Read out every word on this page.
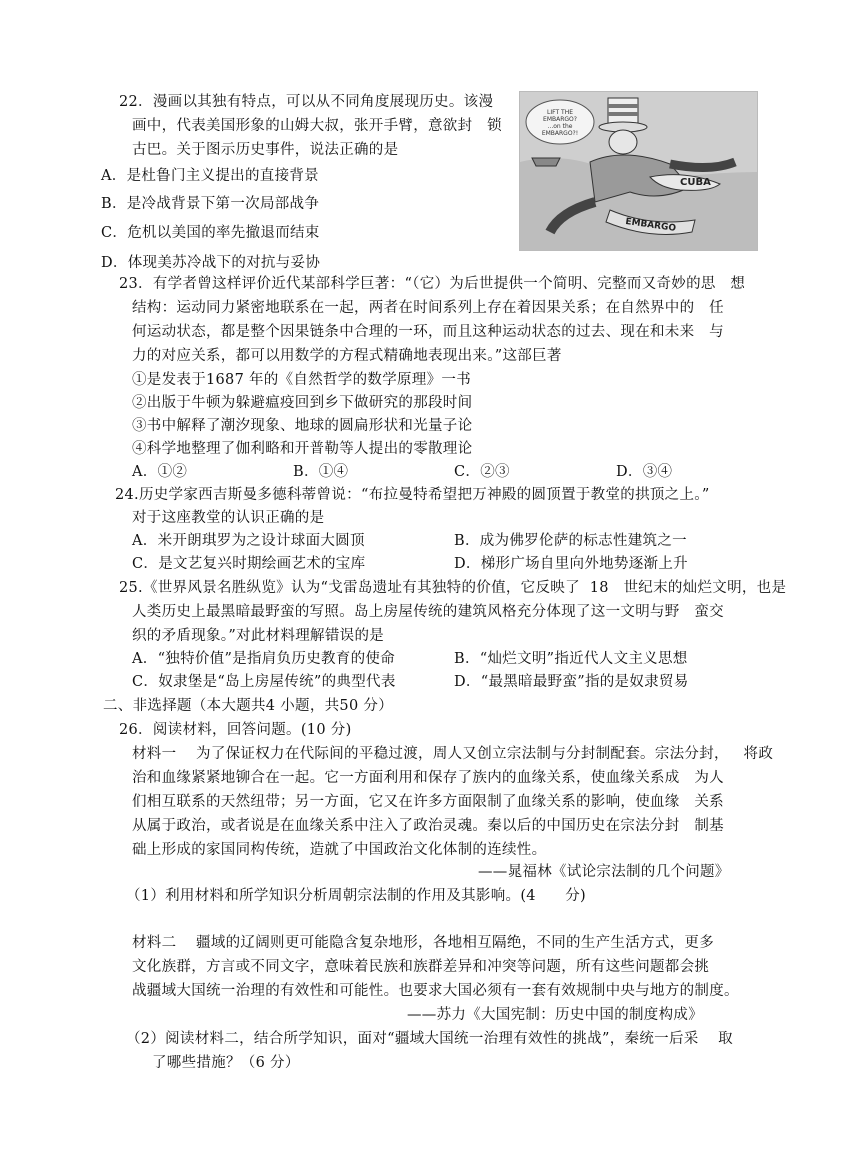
22．漫画以其独有特点，可以从不同角度展现历史。该漫
画中，代表美国形象的山姆大叔，张开手臂，意欲封   锁
古巴。关于图示历史事件，说法正确的是
A．是杜鲁门主义提出的直接背景
B．是冷战背景下第一次局部战争
C．危机以美国的率先撤退而结束
D．体现美苏冷战下的对抗与妥协
LIFT THE
EMBARGO?
...on the
EMBARGO?!
CUBA
EMBARGO
23．有学者曾这样评价近代某部科学巨著：“（它）为后世提供一个简明、完整而又奇妙的思   想
结构：运动同力紧密地联系在一起，两者在时间系列上存在着因果关系；在自然界中的   任
何运动状态，都是整个因果链条中合理的一环，而且这种运动状态的过去、现在和未来   与
力的对应关系，都可以用数学的方程式精确地表现出来。”这部巨著
①是发表于1687 年的《自然哲学的数学原理》一书
②出版于牛顿为躲避瘟疫回到乡下做研究的那段时间
③书中解释了潮汐现象、地球的圆扁形状和光量子论
④科学地整理了伽利略和开普勒等人提出的零散理论
A．①②	B．①④	C．②③	D．③④
24.历史学家西吉斯曼多德科蒂曾说：“布拉曼特希望把万神殿的圆顶置于教堂的拱顶之上。”
对于这座教堂的认识正确的是
A．米开朗琪罗为之设计球面大圆顶	B．成为佛罗伦萨的标志性建筑之一
C．是文艺复兴时期绘画艺术的宝库	D．梯形广场自里向外地势逐渐上升
25.《世界风景名胜纵览》认为“戈雷岛遗址有其独特的价值，它反映了  18   世纪末的灿烂文明，也是
人类历史上最黑暗最野蛮的写照。岛上房屋传统的建筑风格充分体现了这一文明与野   蛮交
织的矛盾现象。”对此材料理解错误的是
A．“独特价值”是指肩负历史教育的使命	B．“灿烂文明”指近代人文主义思想
C．奴隶堡是“岛上房屋传统”的典型代表	D．“最黑暗最野蛮”指的是奴隶贸易
二、非选择题（本大题共4 小题，共50 分）
26．阅读材料，回答问题。(10 分)
材料一    为了保证权力在代际间的平稳过渡，周人又创立宗法制与分封制配套。宗法分封，   将政
治和血缘紧紧地铆合在一起。它一方面利用和保存了族内的血缘关系，使血缘关系成   为人
们相互联系的天然纽带；另一方面，它又在许多方面限制了血缘关系的影响，使血缘   关系
从属于政治，或者说是在血缘关系中注入了政治灵魂。秦以后的中国历史在宗法分封   制基
础上形成的家国同构传统，造就了中国政治文化体制的连续性。
——晁福林《试论宗法制的几个问题》
（1）利用材料和所学知识分析周朝宗法制的作用及其影响。(4      分)
材料二    疆域的辽阔则更可能隐含复杂地形，各地相互隔绝，不同的生产生活方式，更多
文化族群，方言或不同文字，意味着民族和族群差异和冲突等问题，所有这些问题都会挑
战疆域大国统一治理的有效性和可能性。也要求大国必须有一套有效规制中央与地方的制度。
——苏力《大国宪制：历史中国的制度构成》
（2）阅读材料二，结合所学知识，面对“疆域大国统一治理有效性的挑战”，秦统一后采    取
了哪些措施？（6 分）
